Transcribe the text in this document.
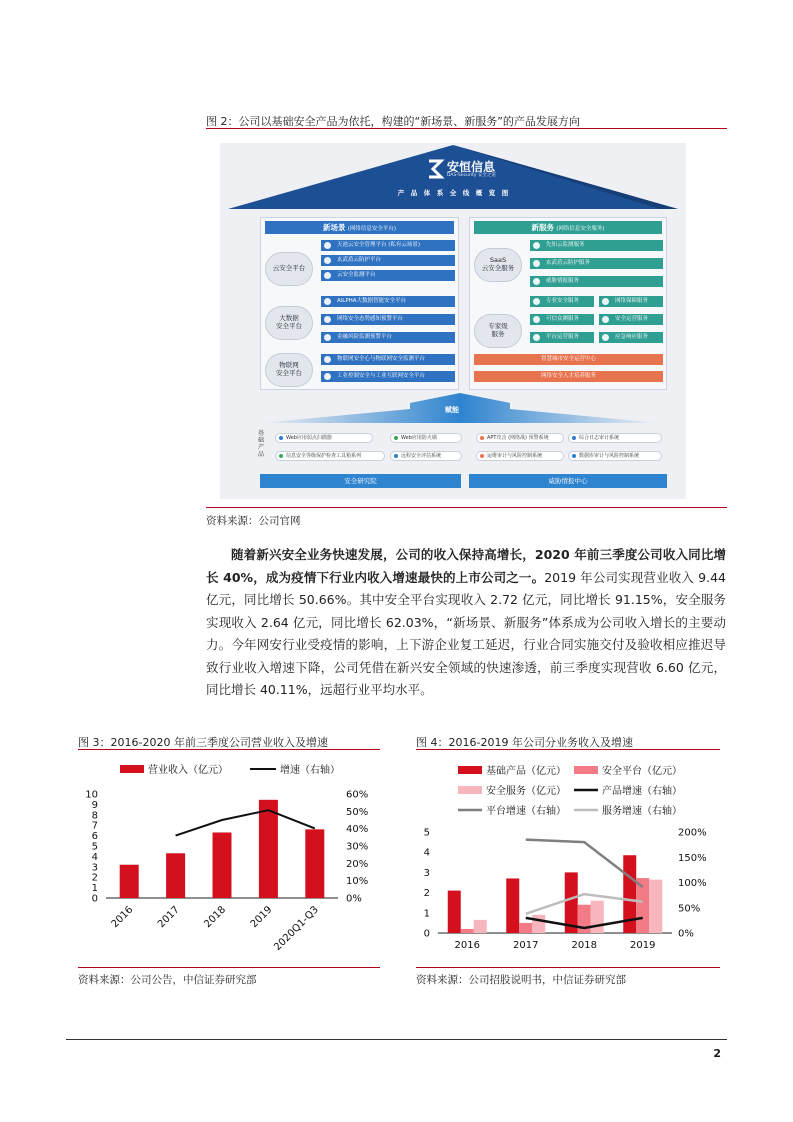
图 2：公司以基础安全产品为依托，构建的“新场景、新服务”的产品发展方向
安恒信息
DAS-Security 安全之道
产　品　体　系　全　线　概　览　图
新场景 (网络信息安全平台)
云安全平台
大数据
安全平台
物联网
安全平台
天池云安全管理平台 (私有云场景)
玄武盾云防护平台
云安全监测平台
AiLPHA大数据智能安全平台
网络安全态势感知预警平台
金融风险监测预警平台
物联网安全心与物联网安全监测平台
工业控制安全与工业互联网安全平台
新服务 (网络信息安全服务)
SaaS
云安全服务
专家级
服务
先知云监测服务
玄武盾云防护服务
威胁情报服务
专业安全服务	网络保障服务
可信众测服务	安全运营服务
平台运营服务	应急响应服务
智慧城市安全运营中心
网络安全人才培养服务
赋能
基础产品
Web应用弱点扫描器	Web应用防火墙	APT攻击 (网络战) 预警系统	综合日志审计系统
信息安全等级保护检查工具箱系列	远程安全评估系统	运维审计与风险控制系统	数据库审计与风险控制系统
安全研究院	威胁情报中心
资料来源：公司官网

随着新兴安全业务快速发展，公司的收入保持高增长，2020 年前三季度公司收入同比增长 40%，成为疫情下行业内收入增速最快的上市公司之一。2019 年公司实现营业收入 9.44 亿元，同比增长 50.66%。其中安全平台实现收入 2.72 亿元，同比增长 91.15%，安全服务实现收入 2.64 亿元，同比增长 62.03%，“新场景、新服务”体系成为公司收入增长的主要动力。今年网安行业受疫情的影响，上下游企业复工延迟，行业合同实施交付及验收相应推迟导致行业收入增速下降，公司凭借在新兴安全领域的快速渗透，前三季度实现营收 6.60 亿元，同比增长 40.11%，远超行业平均水平。

图 3：2016-2020 年前三季度公司营业收入及增速
营业收入（亿元）	增速（右轴）
0
1
2
3
4
5
6
7
8
9
10
0%
10%
20%
30%
40%
50%
60%
2016 2017 2018 2019
2020Q1-Q3
资料来源：公司公告，中信证券研究部
图 4：2016-2019 年公司分业务收入及增速
基础产品（亿元）	安全平台（亿元）
安全服务（亿元）	产品增速（右轴）
平台增速（右轴）	服务增速（右轴）
0
1
2
3
4
5
0%
50%
100%
150%
200%
2016	2017	2018	2019
资料来源：公司招股说明书，中信证券研究部
2
